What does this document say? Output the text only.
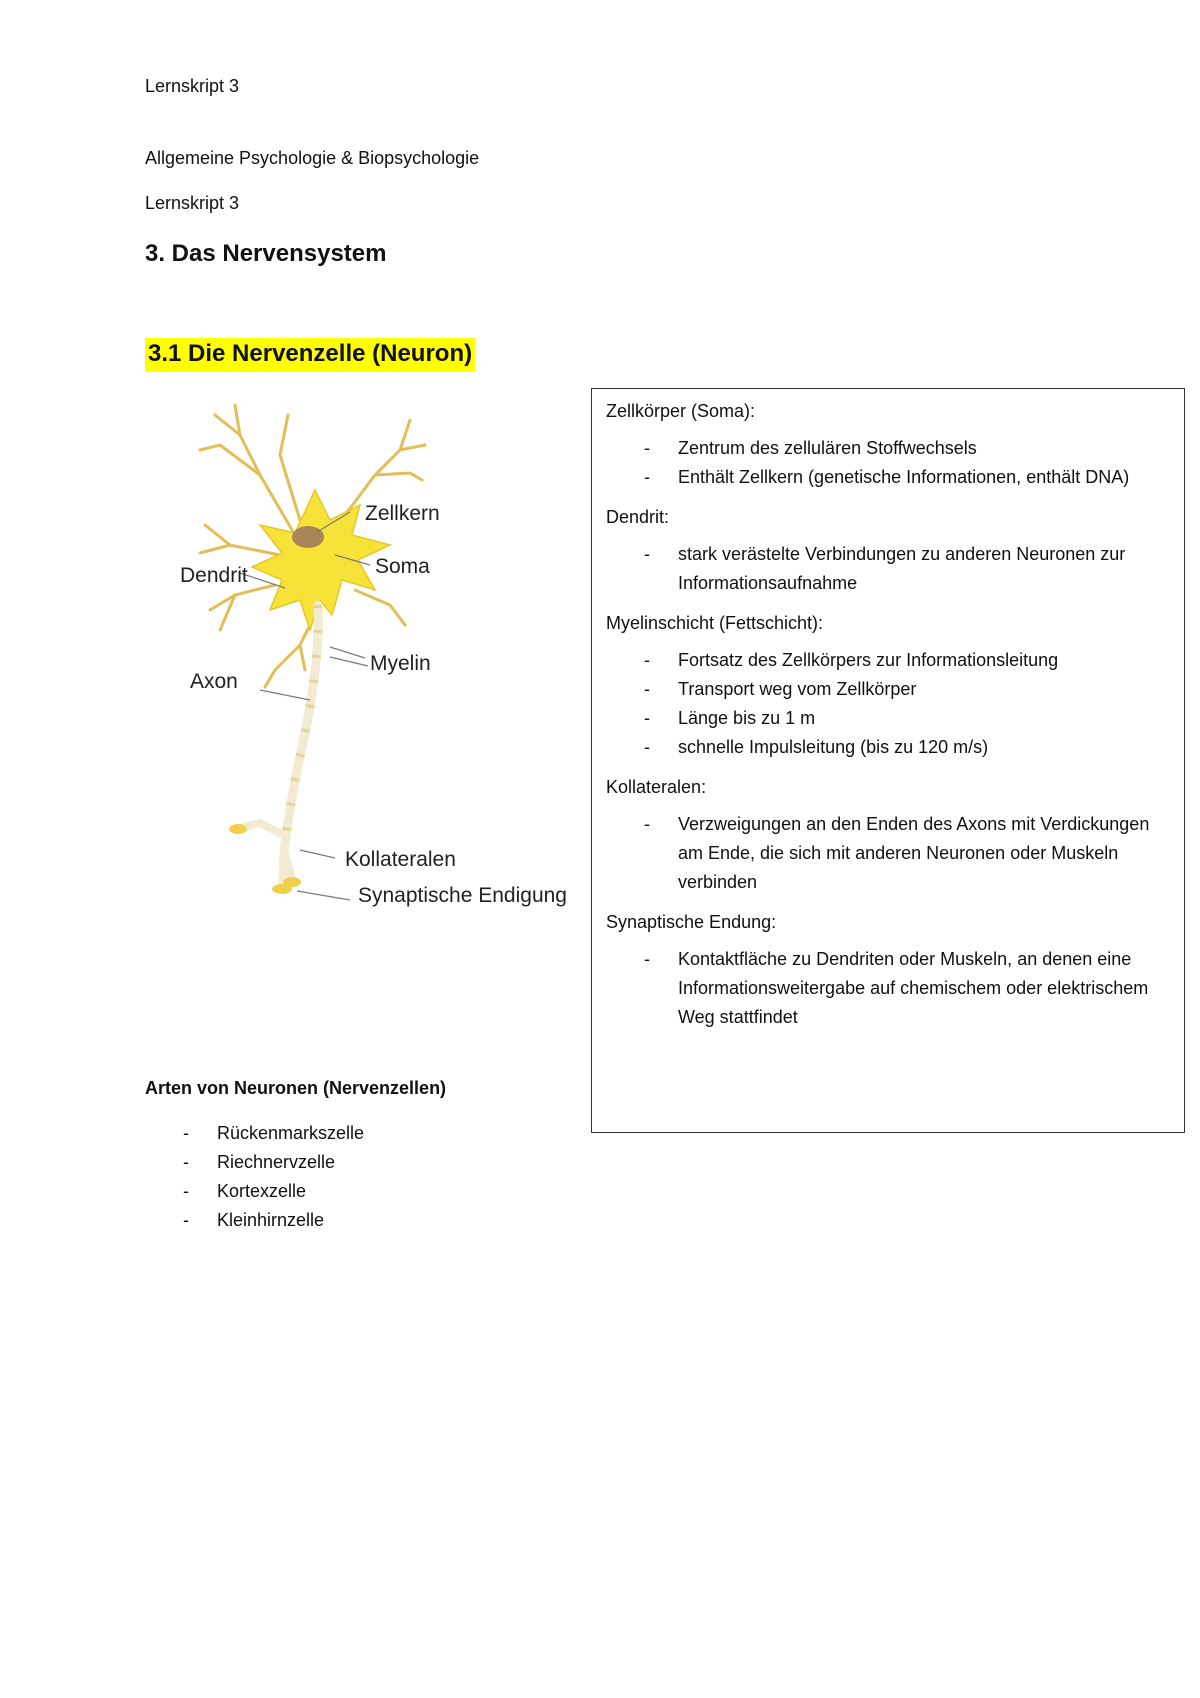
Lernskript 3

Allgemeine Psychologie & Biopsychologie

Lernskript 3

3. Das Nervensystem
3.1 Die Nervenzelle (Neuron)
Zellkern
Soma
Dendrit
Myelin
Axon
Kollateralen
Synaptische Endigung

Arten von Neuronen (Nervenzellen)

- Rückenmarkszelle
- Riechnervzelle
- Kortexzelle
- Kleinhirnzelle
Zellkörper (Soma):
- Zentrum des zellulären Stoffwechsels
- Enthält Zellkern (genetische Informationen, enthält DNA)
Dendrit:
- stark verästelte Verbindungen zu anderen Neuronen zur Informationsaufnahme
Myelinschicht (Fettschicht):
- Fortsatz des Zellkörpers zur Informationsleitung
- Transport weg vom Zellkörper
- Länge bis zu 1 m
- schnelle Impulsleitung (bis zu 120 m/s)
Kollateralen:
- Verzweigungen an den Enden des Axons mit Verdickungen am Ende, die sich mit anderen Neuronen oder Muskeln verbinden
Synaptische Endung:
- Kontaktfläche zu Dendriten oder Muskeln, an denen eine Informationsweitergabe auf chemischem oder elektrischem Weg stattfindet
